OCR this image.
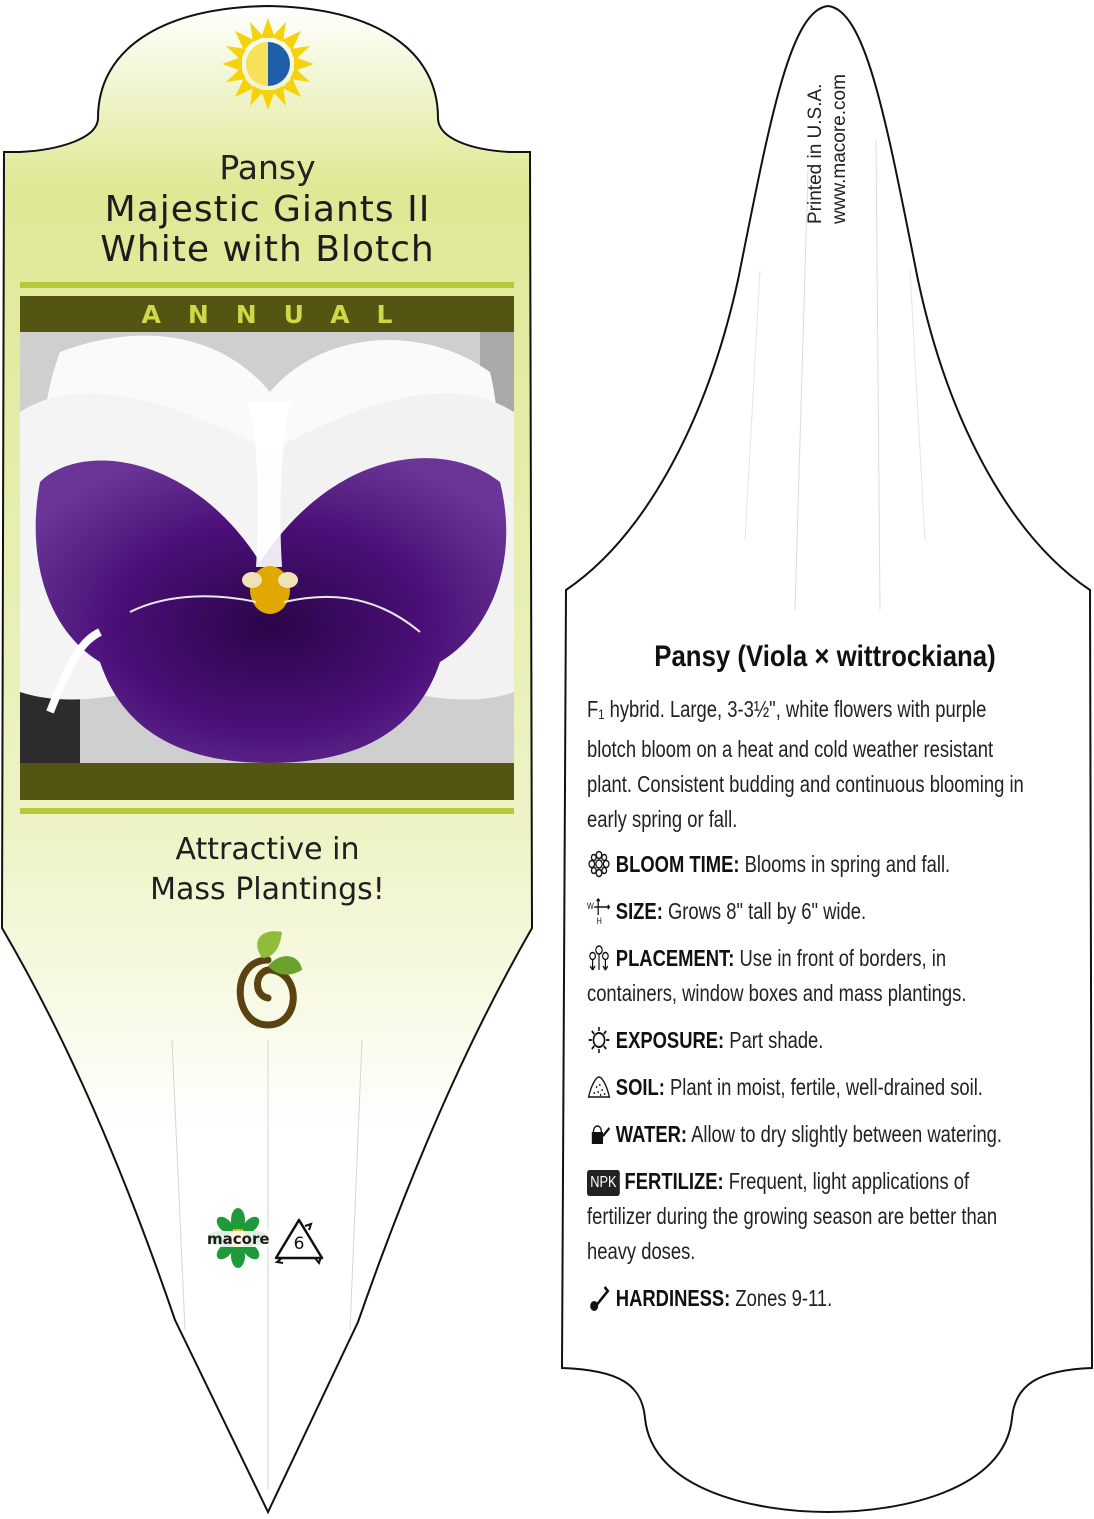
Pansy
Majestic Giants II
White with Blotch
ANNUAL
Attractive in
Mass Plantings!
macore 6
Printed in U.S.A. www.macore.com
Pansy (Viola × wittrockiana)

F1 hybrid. Large, 3-3½", white flowers with purple blotch bloom on a heat and cold weather resistant plant. Consistent budding and continuous blooming in early spring or fall.

BLOOM TIME: Blooms in spring and fall.
W
H SIZE: Grows 8" tall by 6" wide.
PLACEMENT: Use in front of borders, in containers, window boxes and mass plantings.
EXPOSURE: Part shade.
SOIL: Plant in moist, fertile, well-drained soil.
WATER: Allow to dry slightly between watering.
NPK FERTILIZE: Frequent, light applications of fertilizer during the growing season are better than heavy doses.
HARDINESS: Zones 9-11.
